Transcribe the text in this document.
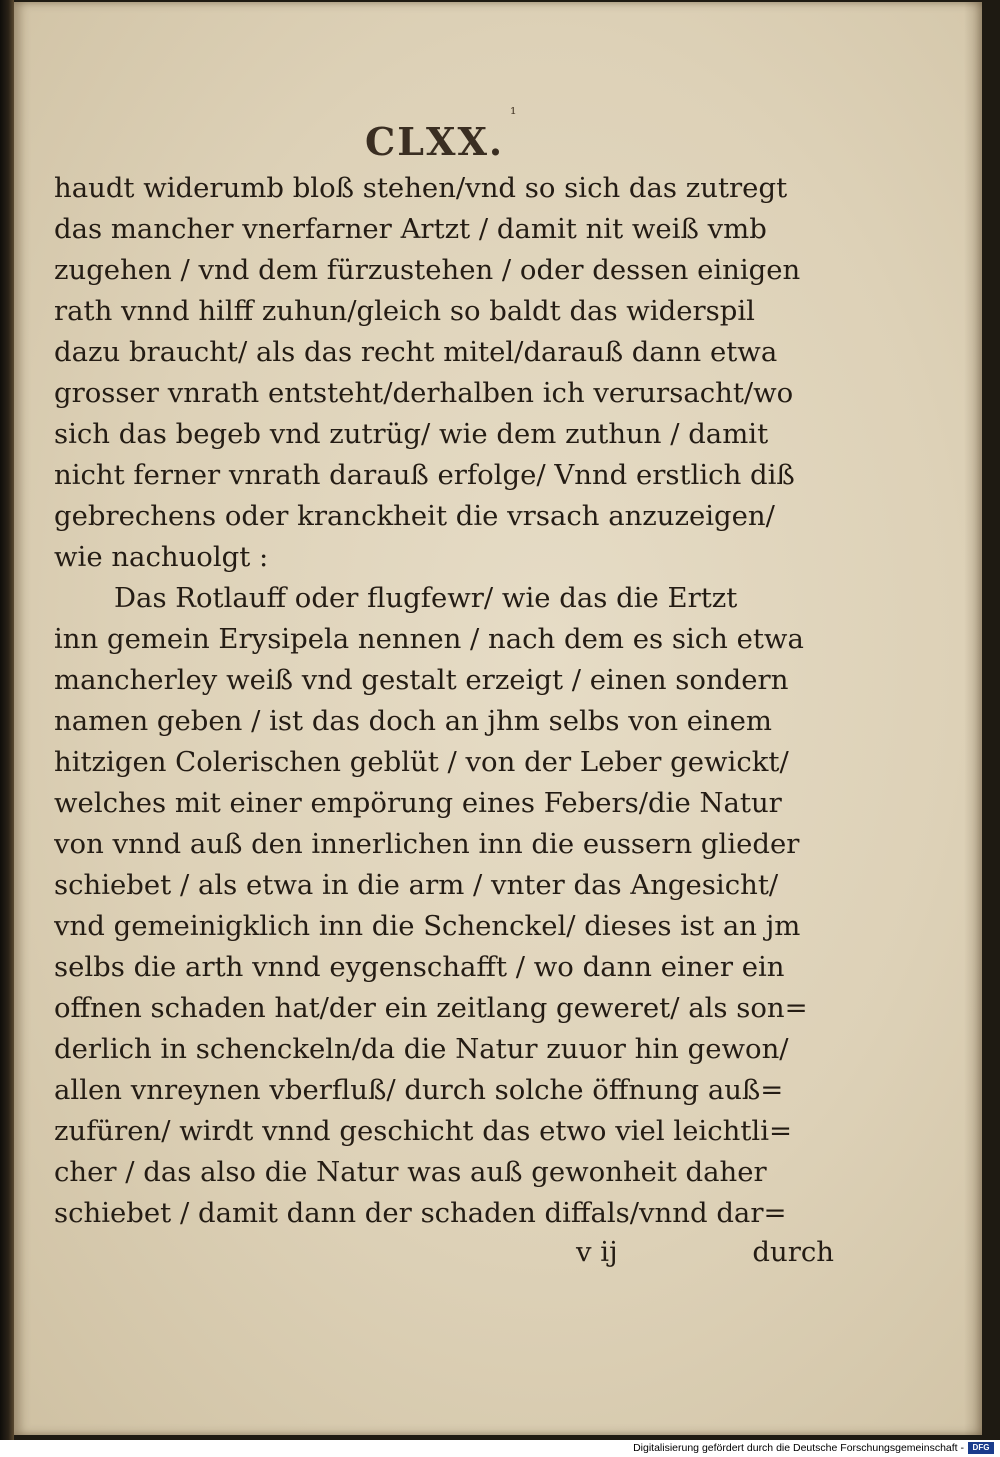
CLXX.
¹
haudt widerumb bloß stehen/vnd so sich das zutregt
das mancher vnerfarner Artzt / damit nit weiß vmb
zugehen / vnd dem fürzustehen / oder dessen einigen
rath vnnd hilff zuhun/gleich so baldt das widerspil
dazu braucht/ als das recht mitel/darauß dann etwa
grosser vnrath entsteht/derhalben ich verursacht/wo
sich das begeb vnd zutrüg/ wie dem zuthun / damit
nicht ferner vnrath darauß erfolge/ Vnnd erstlich diß
gebrechens oder kranckheit die vrsach anzuzeigen/
wie nachuolgt :
Das Rotlauff oder flugfewr/ wie das die Ertzt
inn gemein Erysipela nennen / nach dem es sich etwa
mancherley weiß vnd gestalt erzeigt / einen sondern
namen geben / ist das doch an jhm selbs von einem
hitzigen Colerischen geblüt / von der Leber gewickt/
welches mit einer empörung eines Febers/die Natur
von vnnd auß den innerlichen inn die eussern glieder
schiebet / als etwa in die arm / vnter das Angesicht/
vnd gemeinigklich inn die Schenckel/ dieses ist an jm
selbs die arth vnnd eygenschafft / wo dann einer ein
offnen schaden hat/der ein zeitlang geweret/ als son=
derlich in schenckeln/da die Natur zuuor hin gewon/
allen vnreynen vberfluß/ durch solche öffnung auß=
zufüren/ wirdt vnnd geschicht das etwo viel leichtli=
cher / das also die Natur was auß gewonheit daher
schiebet / damit dann der schaden diffals/vnnd dar=
v ij	durch
Digitalisierung gefördert durch die Deutsche Forschungsgemeinschaft -	DFG
